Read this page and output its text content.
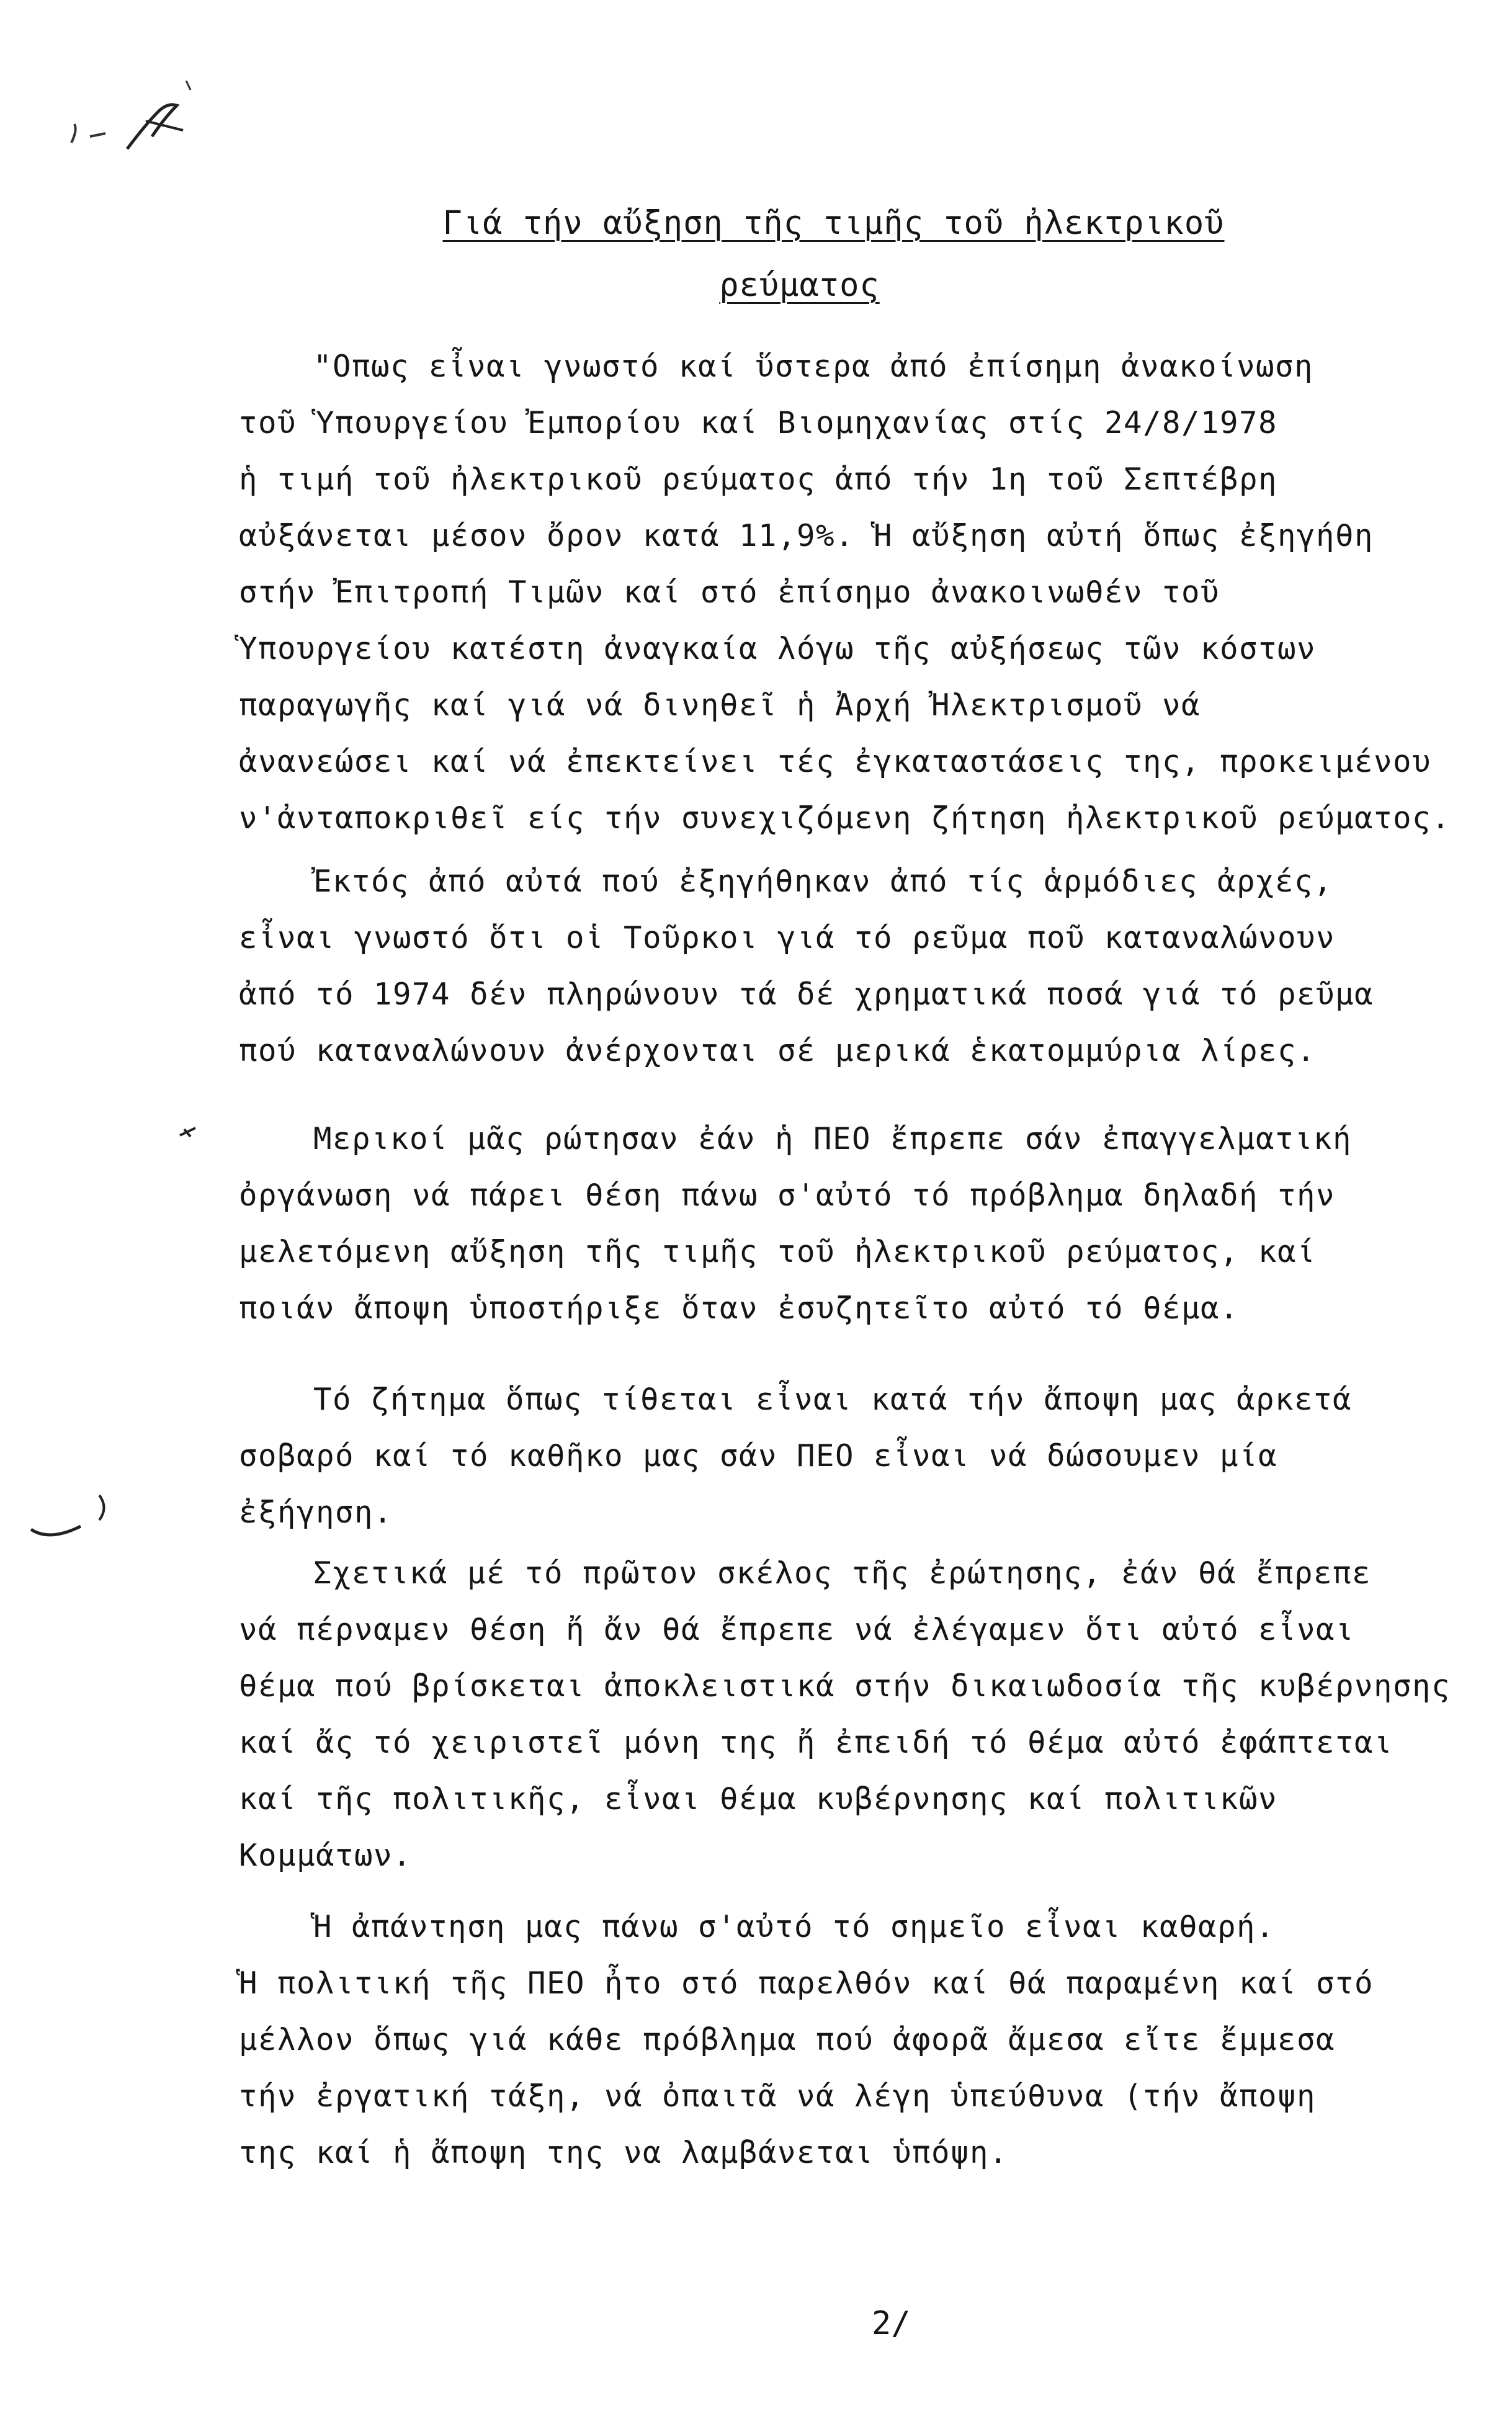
Γιά τήν αὔξηση τῆς τιμῆς τοῦ ἠλεκτρικοῦ
ρεύματος
"Οπως εἶναι γνωστό καί ὕστερα ἀπό ἐπίσημη ἀνακοίνωση
τοῦ Ὑπουργείου Ἐμπορίου καί Βιομηχανίας στίς 24/8/1978
ἡ τιμή τοῦ ἠλεκτρικοῦ ρεύματος ἀπό τήν 1η τοῦ Σεπτέβρη
αὐξάνεται μέσον ὄρον κατά 11,9%. Ἡ αὔξηση αὐτή ὅπως ἐξηγήθη
στήν Ἐπιτροπή Τιμῶν καί στό ἐπίσημο ἀνακοινωθέν τοῦ
Ὑπουργείου κατέστη ἀναγκαία λόγω τῆς αὐξήσεως τῶν κόστων
παραγωγῆς καί γιά νά δινηθεῖ ἡ Ἀρχή Ἠλεκτρισμοῦ νά
ἀνανεώσει καί νά ἐπεκτείνει τές ἐγκαταστάσεις της, προκειμένου
ν'ἀνταποκριθεῖ είς τήν συνεχιζόμενη ζήτηση ἠλεκτρικοῦ ρεύματος.
Ἐκτός ἀπό αὐτά πού ἐξηγήθηκαν ἀπό τίς ἁρμόδιες ἀρχές,
εἶναι γνωστό ὅτι οἱ Τοῦρκοι γιά τό ρεῦμα ποῦ καταναλώνουν
ἀπό τό 1974 δέν πληρώνουν τά δέ χρηματικά ποσά γιά τό ρεῦμα
πού καταναλώνουν ἀνέρχονται σέ μερικά ἑκατομμύρια λίρες.
Μερικοί μᾶς ρώτησαν ἐάν ἡ ΠΕΟ ἔπρεπε σάν ἐπαγγελματική
ὀργάνωση νά πάρει θέση πάνω σ'αὐτό τό πρόβλημα δηλαδή τήν
μελετόμενη αὔξηση τῆς τιμῆς τοῦ ἠλεκτρικοῦ ρεύματος, καί
ποιάν ἄποψη ὑποστήριξε ὅταν ἐσυζητεῖτο αὐτό τό θέμα.
Τό ζήτημα ὅπως τίθεται εἶναι κατά τήν ἄποψη μας ἀρκετά
σοβαρό καί τό καθῆκο μας σάν ΠΕΟ εἶναι νά δώσουμεν μία
ἐξήγηση.
Σχετικά μέ τό πρῶτον σκέλος τῆς ἐρώτησης, ἐάν θά ἔπρεπε
νά πέρναμεν θέση ἤ ἄν θά ἔπρεπε νά ἐλέγαμεν ὅτι αὐτό εἶναι
θέμα πού βρίσκεται ἀποκλειστικά στήν δικαιωδοσία τῆς κυβέρνησης
καί ἄς τό χειριστεῖ μόνη της ἤ ἐπειδή τό θέμα αὐτό ἐφάπτεται
καί τῆς πολιτικῆς, εἶναι θέμα κυβέρνησης καί πολιτικῶν
Κομμάτων.
Ἡ ἀπάντηση μας πάνω σ'αὐτό τό σημεῖο εἶναι καθαρή.
Ἡ πολιτική τῆς ΠΕΟ ἦτο στό παρελθόν καί θά παραμένη καί στό
μέλλον ὅπως γιά κάθε πρόβλημα πού ἀφορᾶ ἄμεσα εἴτε ἔμμεσα
τήν ἐργατική τάξη, νά ὀπαιτᾶ νά λέγη ὑπεύθυνα (τήν ἄποψη
της καί ἡ ἄποψη της να λαμβάνεται ὑπόψη.
2/
